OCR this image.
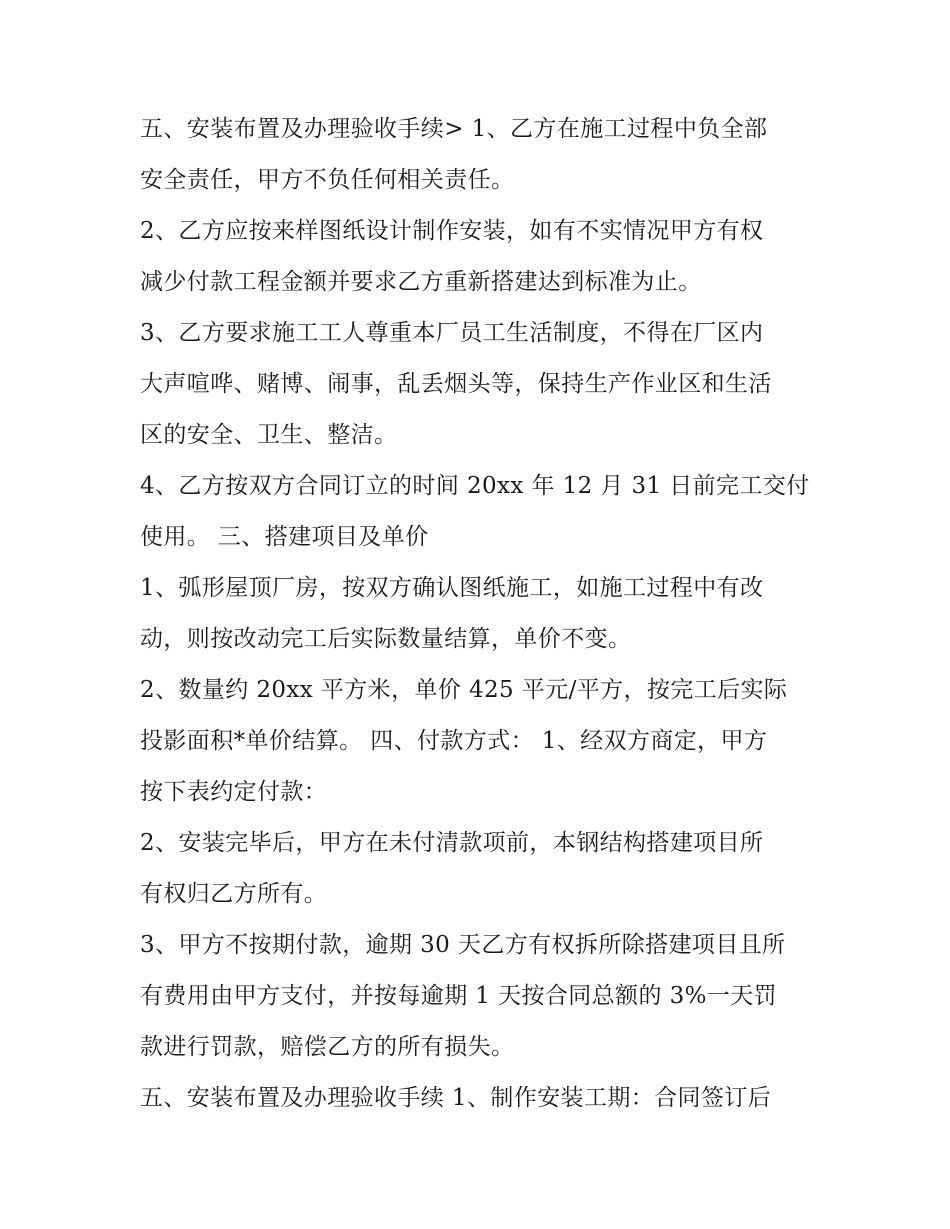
五、安装布置及办理验收手续> 1、乙方在施工过程中负全部
安全责任，甲方不负任何相关责任。
2、乙方应按来样图纸设计制作安装，如有不实情况甲方有权
减少付款工程金额并要求乙方重新搭建达到标准为止。
3、乙方要求施工工人尊重本厂员工生活制度，不得在厂区内
大声喧哗、赌博、闹事，乱丢烟头等，保持生产作业区和生活
区的安全、卫生、整洁。
4、乙方按双方合同订立的时间 20xx 年 12 月 31 日前完工交付
使用。 三、搭建项目及单价
1、弧形屋顶厂房，按双方确认图纸施工，如施工过程中有改
动，则按改动完工后实际数量结算，单价不变。
2、数量约 20xx 平方米，单价 425 平元/平方，按完工后实际
投影面积*单价结算。 四、付款方式： 1、经双方商定，甲方
按下表约定付款：
2、安装完毕后，甲方在未付清款项前，本钢结构搭建项目所
有权归乙方所有。
3、甲方不按期付款，逾期 30 天乙方有权拆所除搭建项目且所
有费用由甲方支付，并按每逾期 1 天按合同总额的 3%一天罚
款进行罚款，赔偿乙方的所有损失。
五、安装布置及办理验收手续 1、制作安装工期：合同签订后
